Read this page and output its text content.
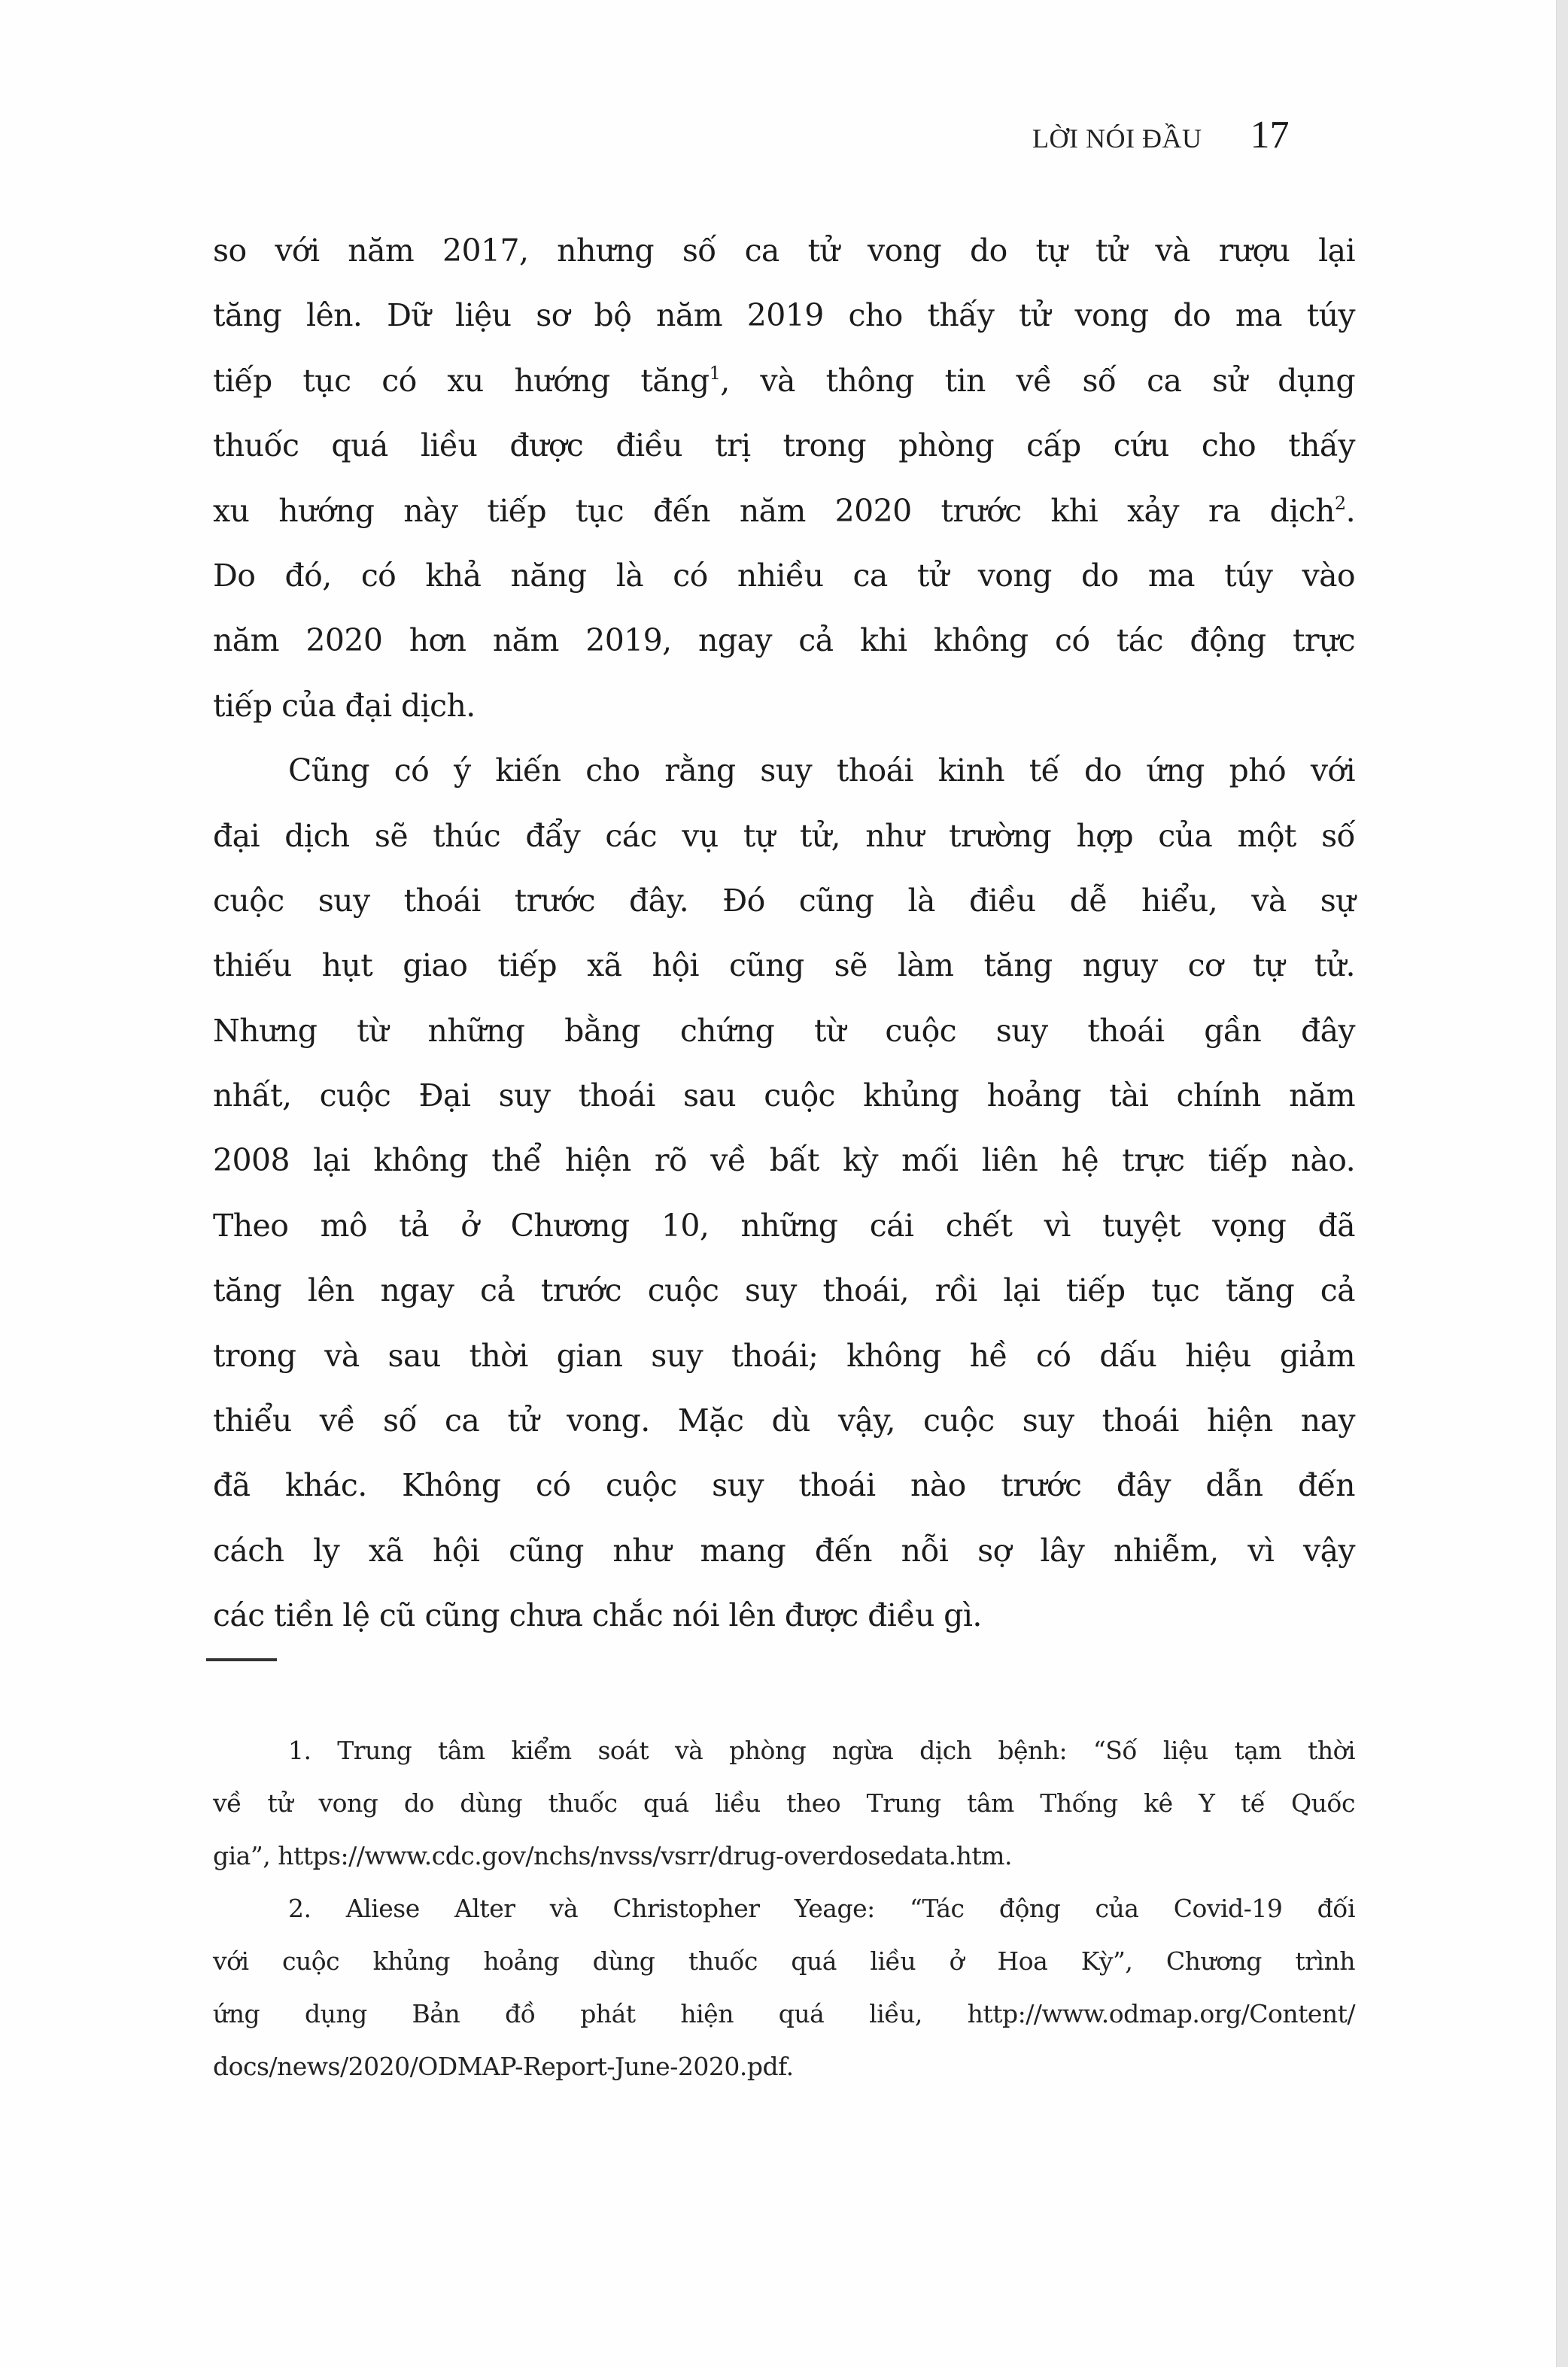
LỜI NÓI ĐẦU 17
so với năm 2017, nhưng số ca tử vong do tự tử và rượu lại
tăng lên. Dữ liệu sơ bộ năm 2019 cho thấy tử vong do ma túy
tiếp tục có xu hướng tăng$^1$, và thông tin về số ca sử dụng
thuốc quá liều được điều trị trong phòng cấp cứu cho thấy
xu hướng này tiếp tục đến năm 2020 trước khi xảy ra dịch$^2$.
Do đó, có khả năng là có nhiều ca tử vong do ma túy vào
năm 2020 hơn năm 2019, ngay cả khi không có tác động trực
tiếp của đại dịch.
Cũng có ý kiến cho rằng suy thoái kinh tế do ứng phó với
đại dịch sẽ thúc đẩy các vụ tự tử, như trường hợp của một số
cuộc suy thoái trước đây. Đó cũng là điều dễ hiểu, và sự
thiếu hụt giao tiếp xã hội cũng sẽ làm tăng nguy cơ tự tử.
Nhưng từ những bằng chứng từ cuộc suy thoái gần đây
nhất, cuộc Đại suy thoái sau cuộc khủng hoảng tài chính năm
2008 lại không thể hiện rõ về bất kỳ mối liên hệ trực tiếp nào.
Theo mô tả ở Chương 10, những cái chết vì tuyệt vọng đã
tăng lên ngay cả trước cuộc suy thoái, rồi lại tiếp tục tăng cả
trong và sau thời gian suy thoái; không hề có dấu hiệu giảm
thiểu về số ca tử vong. Mặc dù vậy, cuộc suy thoái hiện nay
đã khác. Không có cuộc suy thoái nào trước đây dẫn đến
cách ly xã hội cũng như mang đến nỗi sợ lây nhiễm, vì vậy
các tiền lệ cũ cũng chưa chắc nói lên được điều gì.
1. Trung tâm kiểm soát và phòng ngừa dịch bệnh: “Số liệu tạm thời
về tử vong do dùng thuốc quá liều theo Trung tâm Thống kê Y tế Quốc
gia”, https://www.cdc.gov/nchs/nvss/vsrr/drug-overdosedata.htm.
2. Aliese Alter và Christopher Yeage: “Tác động của Covid-19 đối
với cuộc khủng hoảng dùng thuốc quá liều ở Hoa Kỳ”, Chương trình
ứng dụng Bản đồ phát hiện quá liều, http://www.odmap.org/Content/
docs/news/2020/ODMAP-Report-June-2020.pdf.
